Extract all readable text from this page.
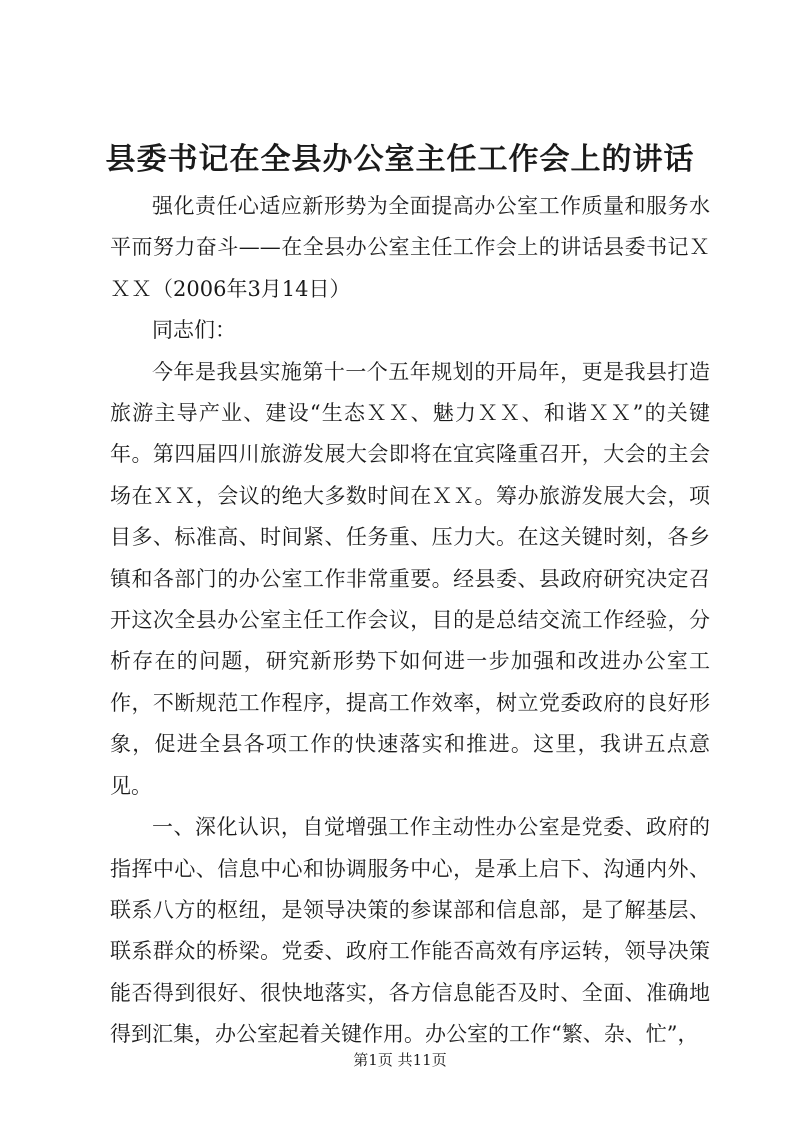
县委书记在全县办公室主任工作会上的讲话

强化责任心适应新形势为全面提高办公室工作质量和服务水平而努力奋斗——在全县办公室主任工作会上的讲话县委书记ＸＸＸ（2006年3月14日）

同志们：

今年是我县实施第十一个五年规划的开局年，更是我县打造旅游主导产业、建设“生态ＸＸ、魅力ＸＸ、和谐ＸＸ”的关键年。第四届四川旅游发展大会即将在宜宾隆重召开，大会的主会场在ＸＸ，会议的绝大多数时间在ＸＸ。筹办旅游发展大会，项目多、标准高、时间紧、任务重、压力大。在这关键时刻，各乡镇和各部门的办公室工作非常重要。经县委、县政府研究决定召开这次全县办公室主任工作会议，目的是总结交流工作经验，分析存在的问题，研究新形势下如何进一步加强和改进办公室工作，不断规范工作程序，提高工作效率，树立党委政府的良好形象，促进全县各项工作的快速落实和推进。这里，我讲五点意见。

一、深化认识，自觉增强工作主动性办公室是党委、政府的指挥中心、信息中心和协调服务中心，是承上启下、沟通内外、联系八方的枢纽，是领导决策的参谋部和信息部，是了解基层、联系群众的桥梁。党委、政府工作能否高效有序运转，领导决策能否得到很好、很快地落实，各方信息能否及时、全面、准确地得到汇集，办公室起着关键作用。办公室的工作“繁、杂、忙”，

第1页 共11页
